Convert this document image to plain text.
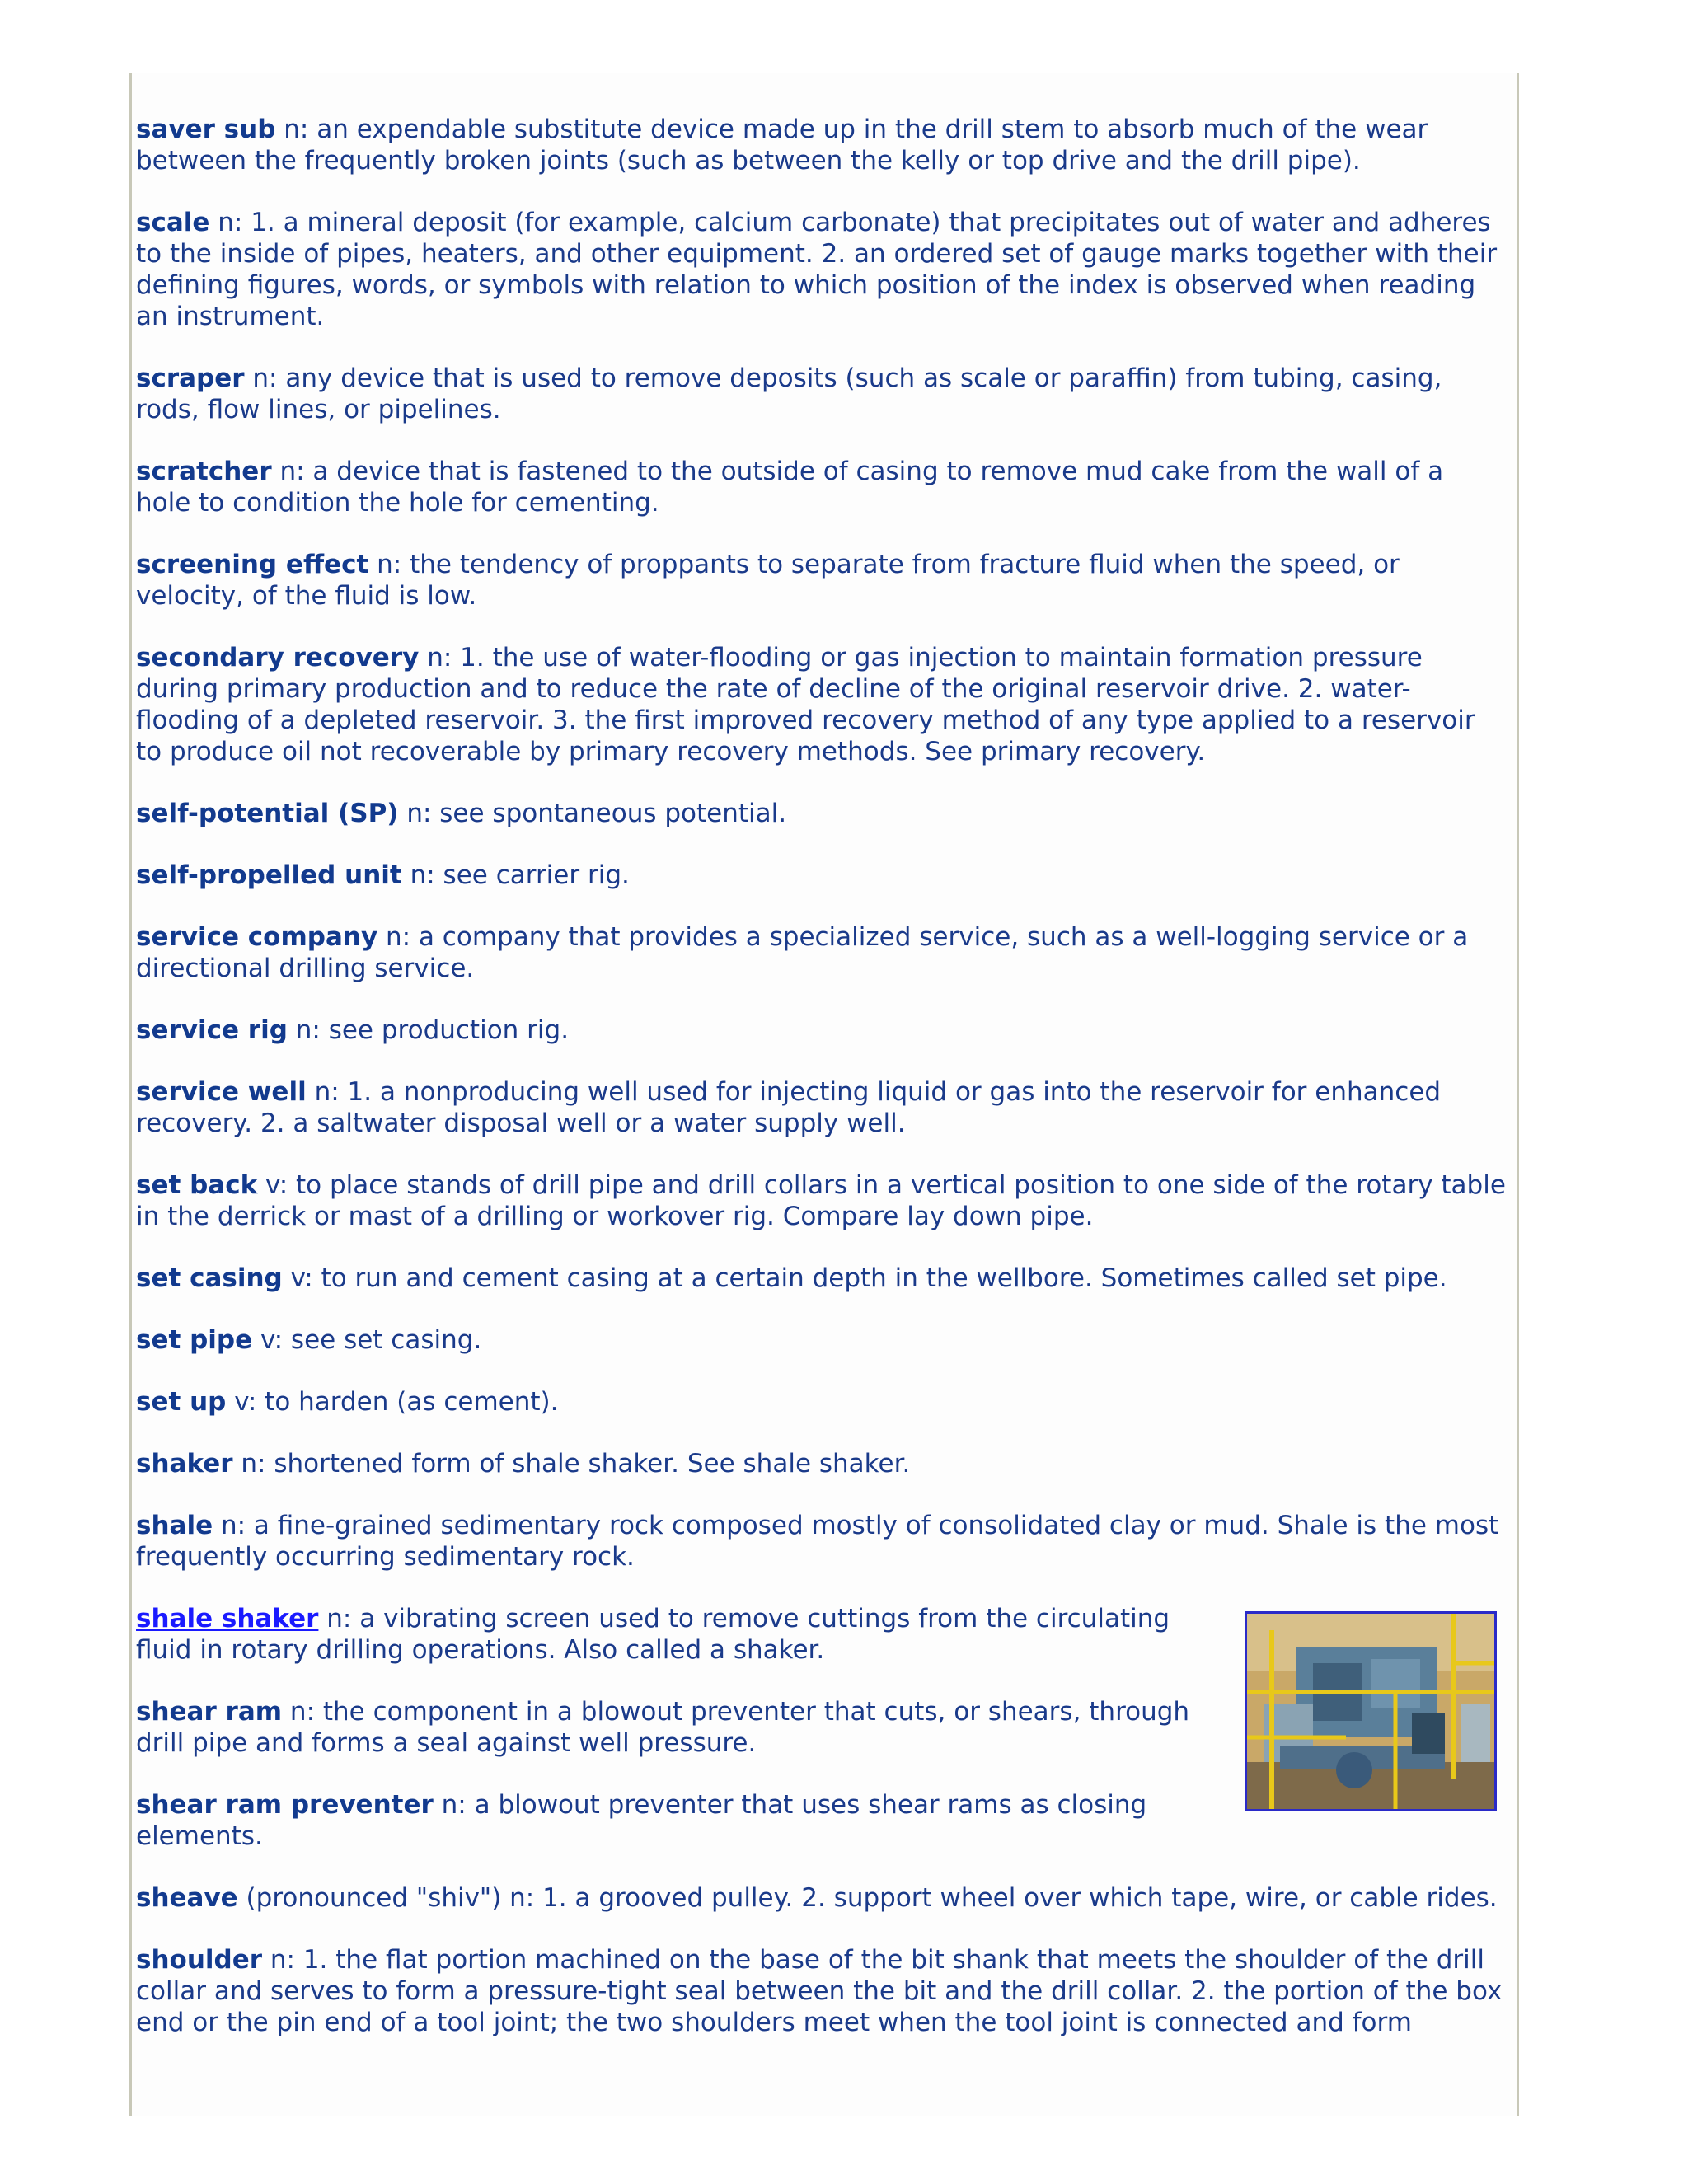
saver sub n: an expendable substitute device made up in the drill stem to absorb much of the wear between the frequently broken joints (such as between the kelly or top drive and the drill pipe).

scale n: 1. a mineral deposit (for example, calcium carbonate) that precipitates out of water and adheres to the inside of pipes, heaters, and other equipment. 2. an ordered set of gauge marks together with their defining figures, words, or symbols with relation to which position of the index is observed when reading an instrument.

scraper n: any device that is used to remove deposits (such as scale or paraffin) from tubing, casing, rods, flow lines, or pipelines.

scratcher n: a device that is fastened to the outside of casing to remove mud cake from the wall of a hole to condition the hole for cementing.

screening effect n: the tendency of proppants to separate from fracture fluid when the speed, or velocity, of the fluid is low.

secondary recovery n: 1. the use of water-flooding or gas injection to maintain formation pressure during primary production and to reduce the rate of decline of the original reservoir drive. 2. water-flooding of a depleted reservoir. 3. the first improved recovery method of any type applied to a reservoir to produce oil not recoverable by primary recovery methods. See primary recovery.

self-potential (SP) n: see spontaneous potential.

self-propelled unit n: see carrier rig.

service company n: a company that provides a specialized service, such as a well-logging service or a directional drilling service.

service rig n: see production rig.

service well n: 1. a nonproducing well used for injecting liquid or gas into the reservoir for enhanced recovery. 2. a saltwater disposal well or a water supply well.

set back v: to place stands of drill pipe and drill collars in a vertical position to one side of the rotary table in the derrick or mast of a drilling or workover rig. Compare lay down pipe.

set casing v: to run and cement casing at a certain depth in the wellbore. Sometimes called set pipe.

set pipe v: see set casing.

set up v: to harden (as cement).

shaker n: shortened form of shale shaker. See shale shaker.

shale n: a fine-grained sedimentary rock composed mostly of consolidated clay or mud. Shale is the most frequently occurring sedimentary rock.

shale shaker n: a vibrating screen used to remove cuttings from the circulating fluid in rotary drilling operations. Also called a shaker.

shear ram n: the component in a blowout preventer that cuts, or shears, through drill pipe and forms a seal against well pressure.

shear ram preventer n: a blowout preventer that uses shear rams as closing elements.

sheave (pronounced "shiv") n: 1. a grooved pulley. 2. support wheel over which tape, wire, or cable rides.

shoulder n: 1. the flat portion machined on the base of the bit shank that meets the shoulder of the drill collar and serves to form a pressure-tight seal between the bit and the drill collar. 2. the portion of the box end or the pin end of a tool joint; the two shoulders meet when the tool joint is connected and form
